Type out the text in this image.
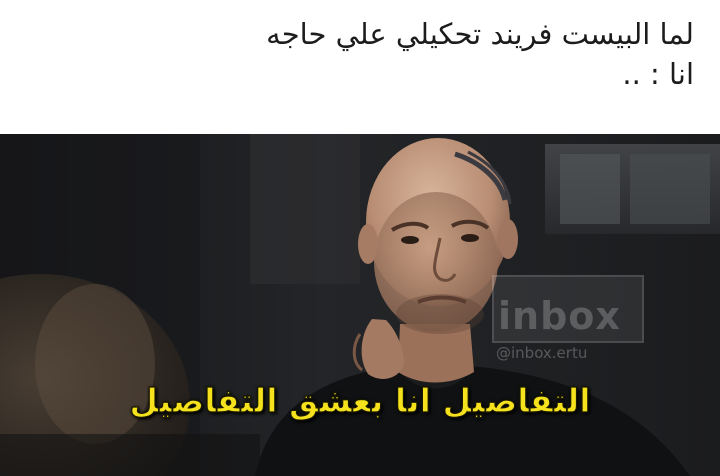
لما البيست فريند تحكيلي علي حاجه
انا : ..
inbox
@inbox.ertu
التفاصيل انا بعشق التفاصيل
